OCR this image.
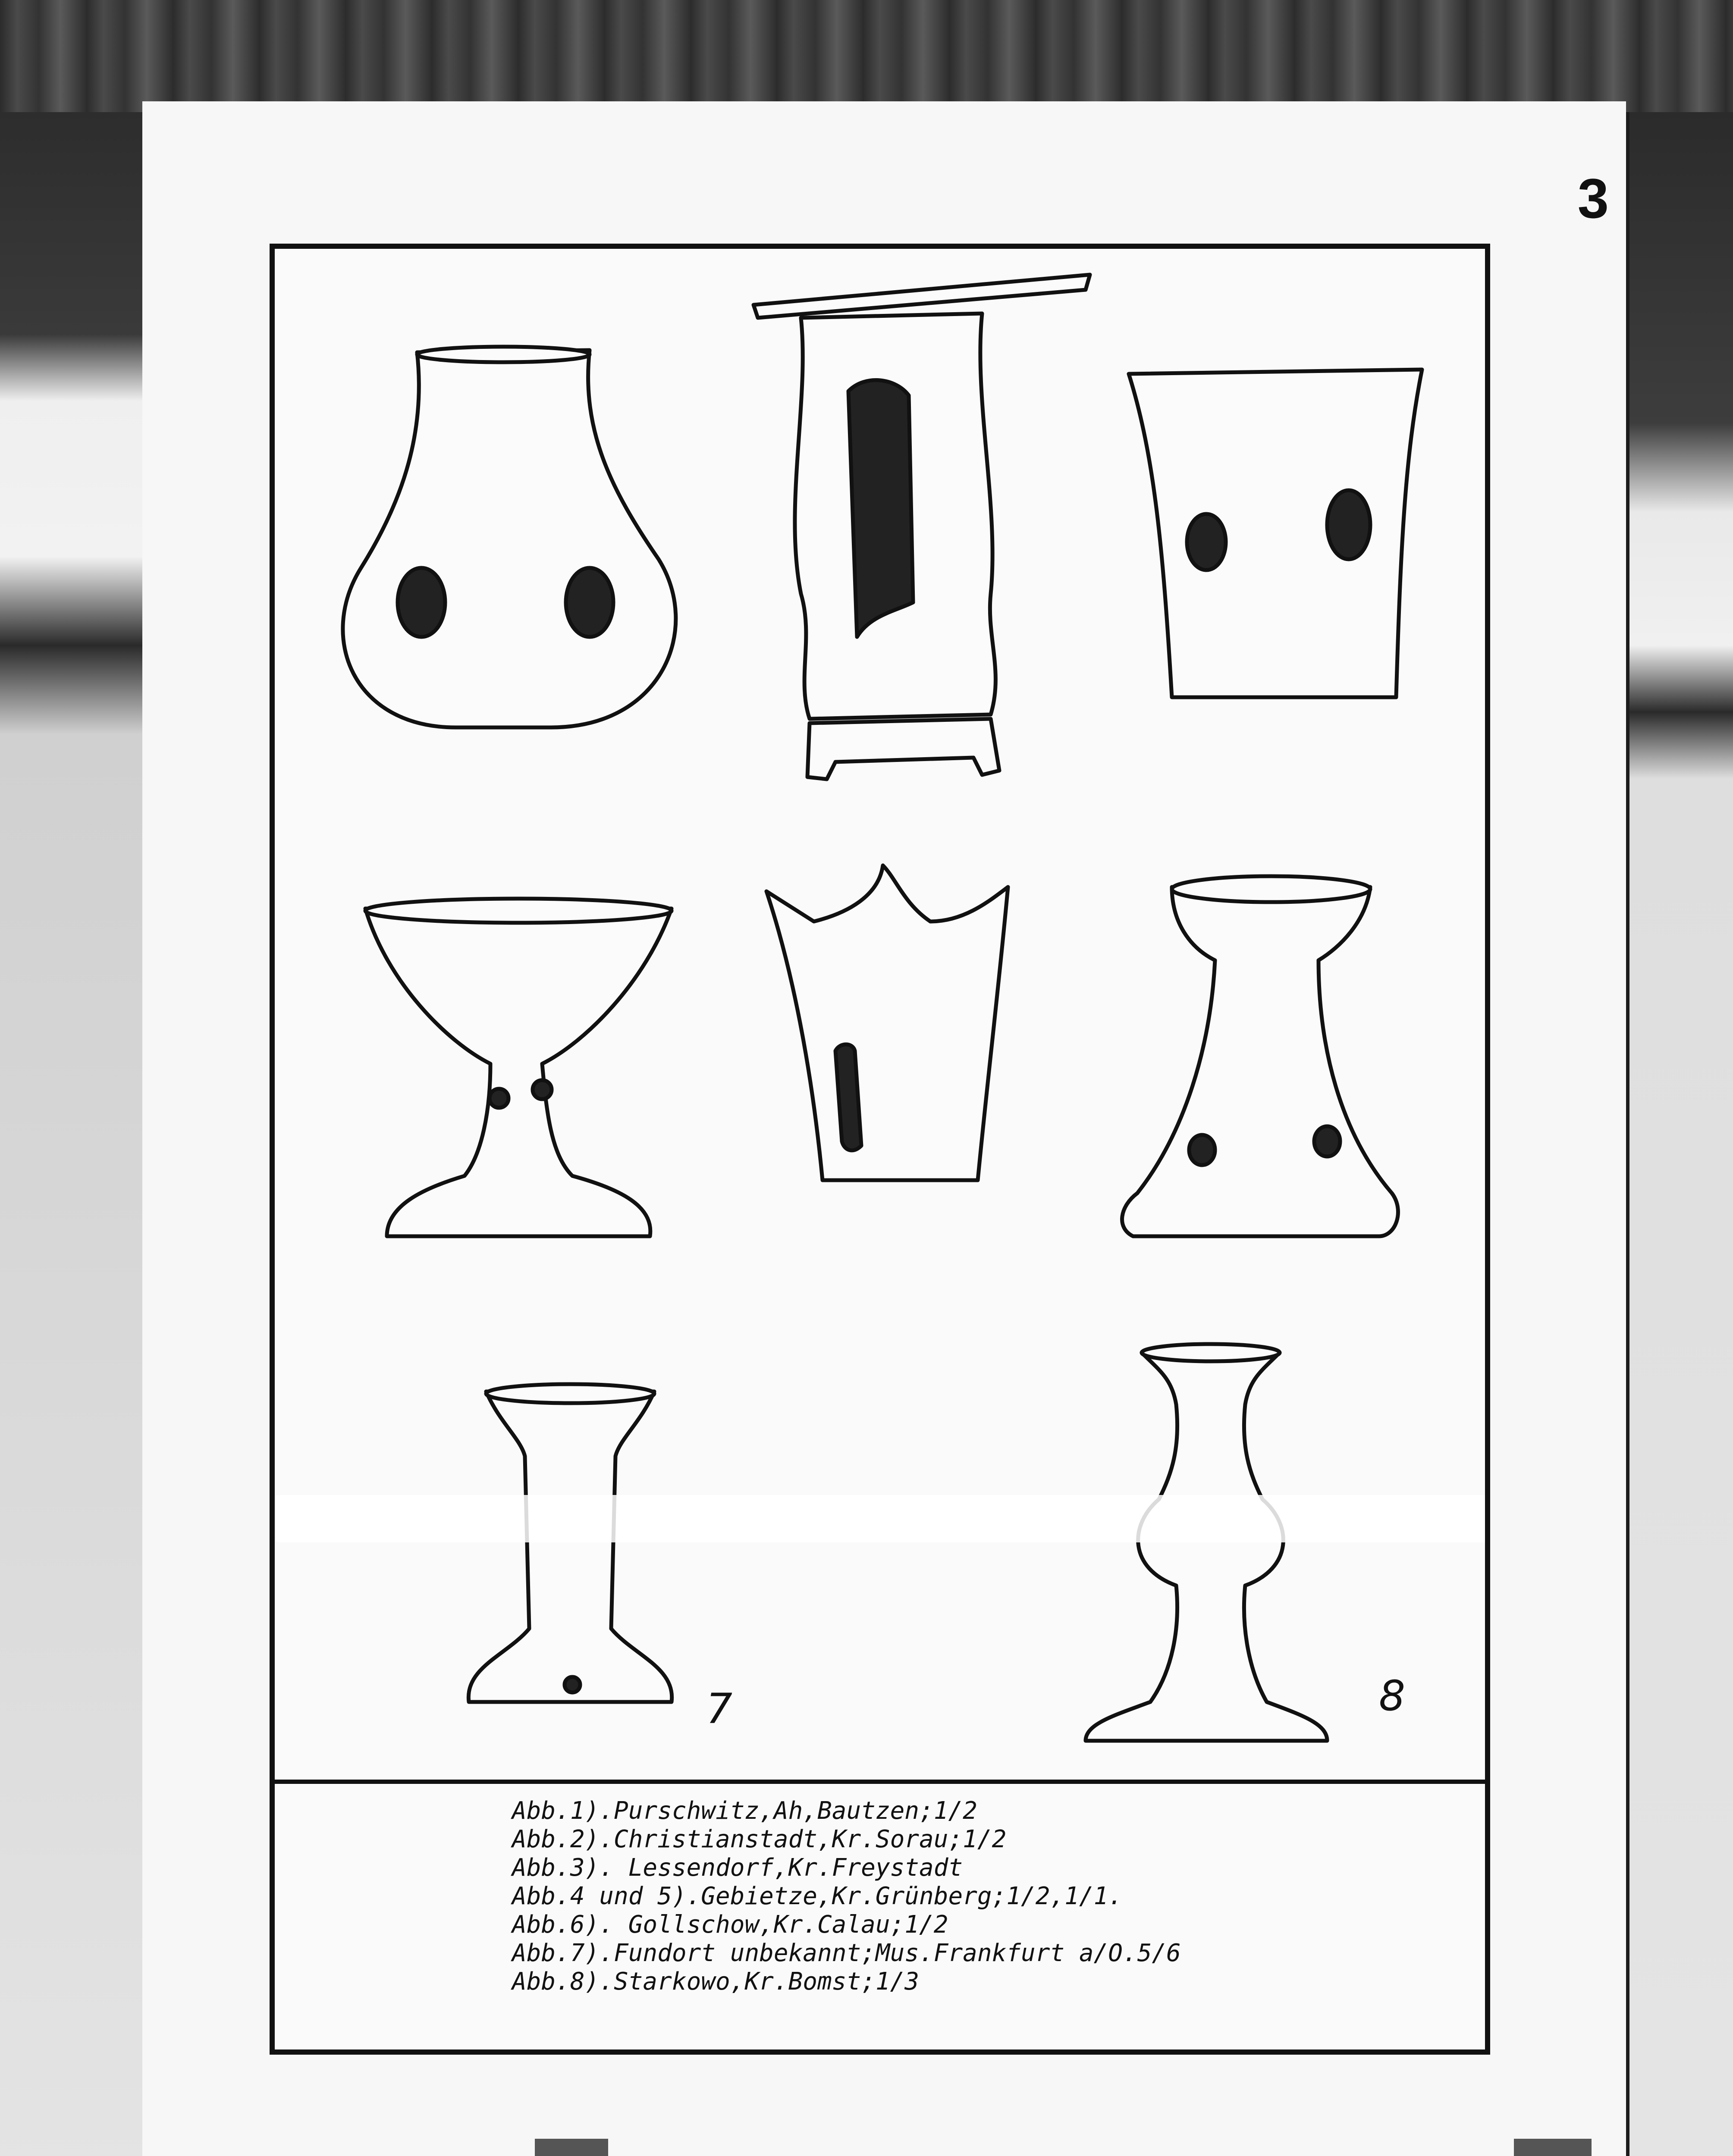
3
7	8
Abb.1).Purschwitz,Ah,Bautzen;1/2
Abb.2).Christianstadt,Kr.Sorau;1/2
Abb.3). Lessendorf,Kr.Freystadt
Abb.4 und 5).Gebietze,Kr.Grünberg;1/2,1/1.
Abb.6). Gollschow,Kr.Calau;1/2
Abb.7).Fundort unbekannt;Mus.Frankfurt a/O.5/6
Abb.8).Starkowo,Kr.Bomst;1/3
